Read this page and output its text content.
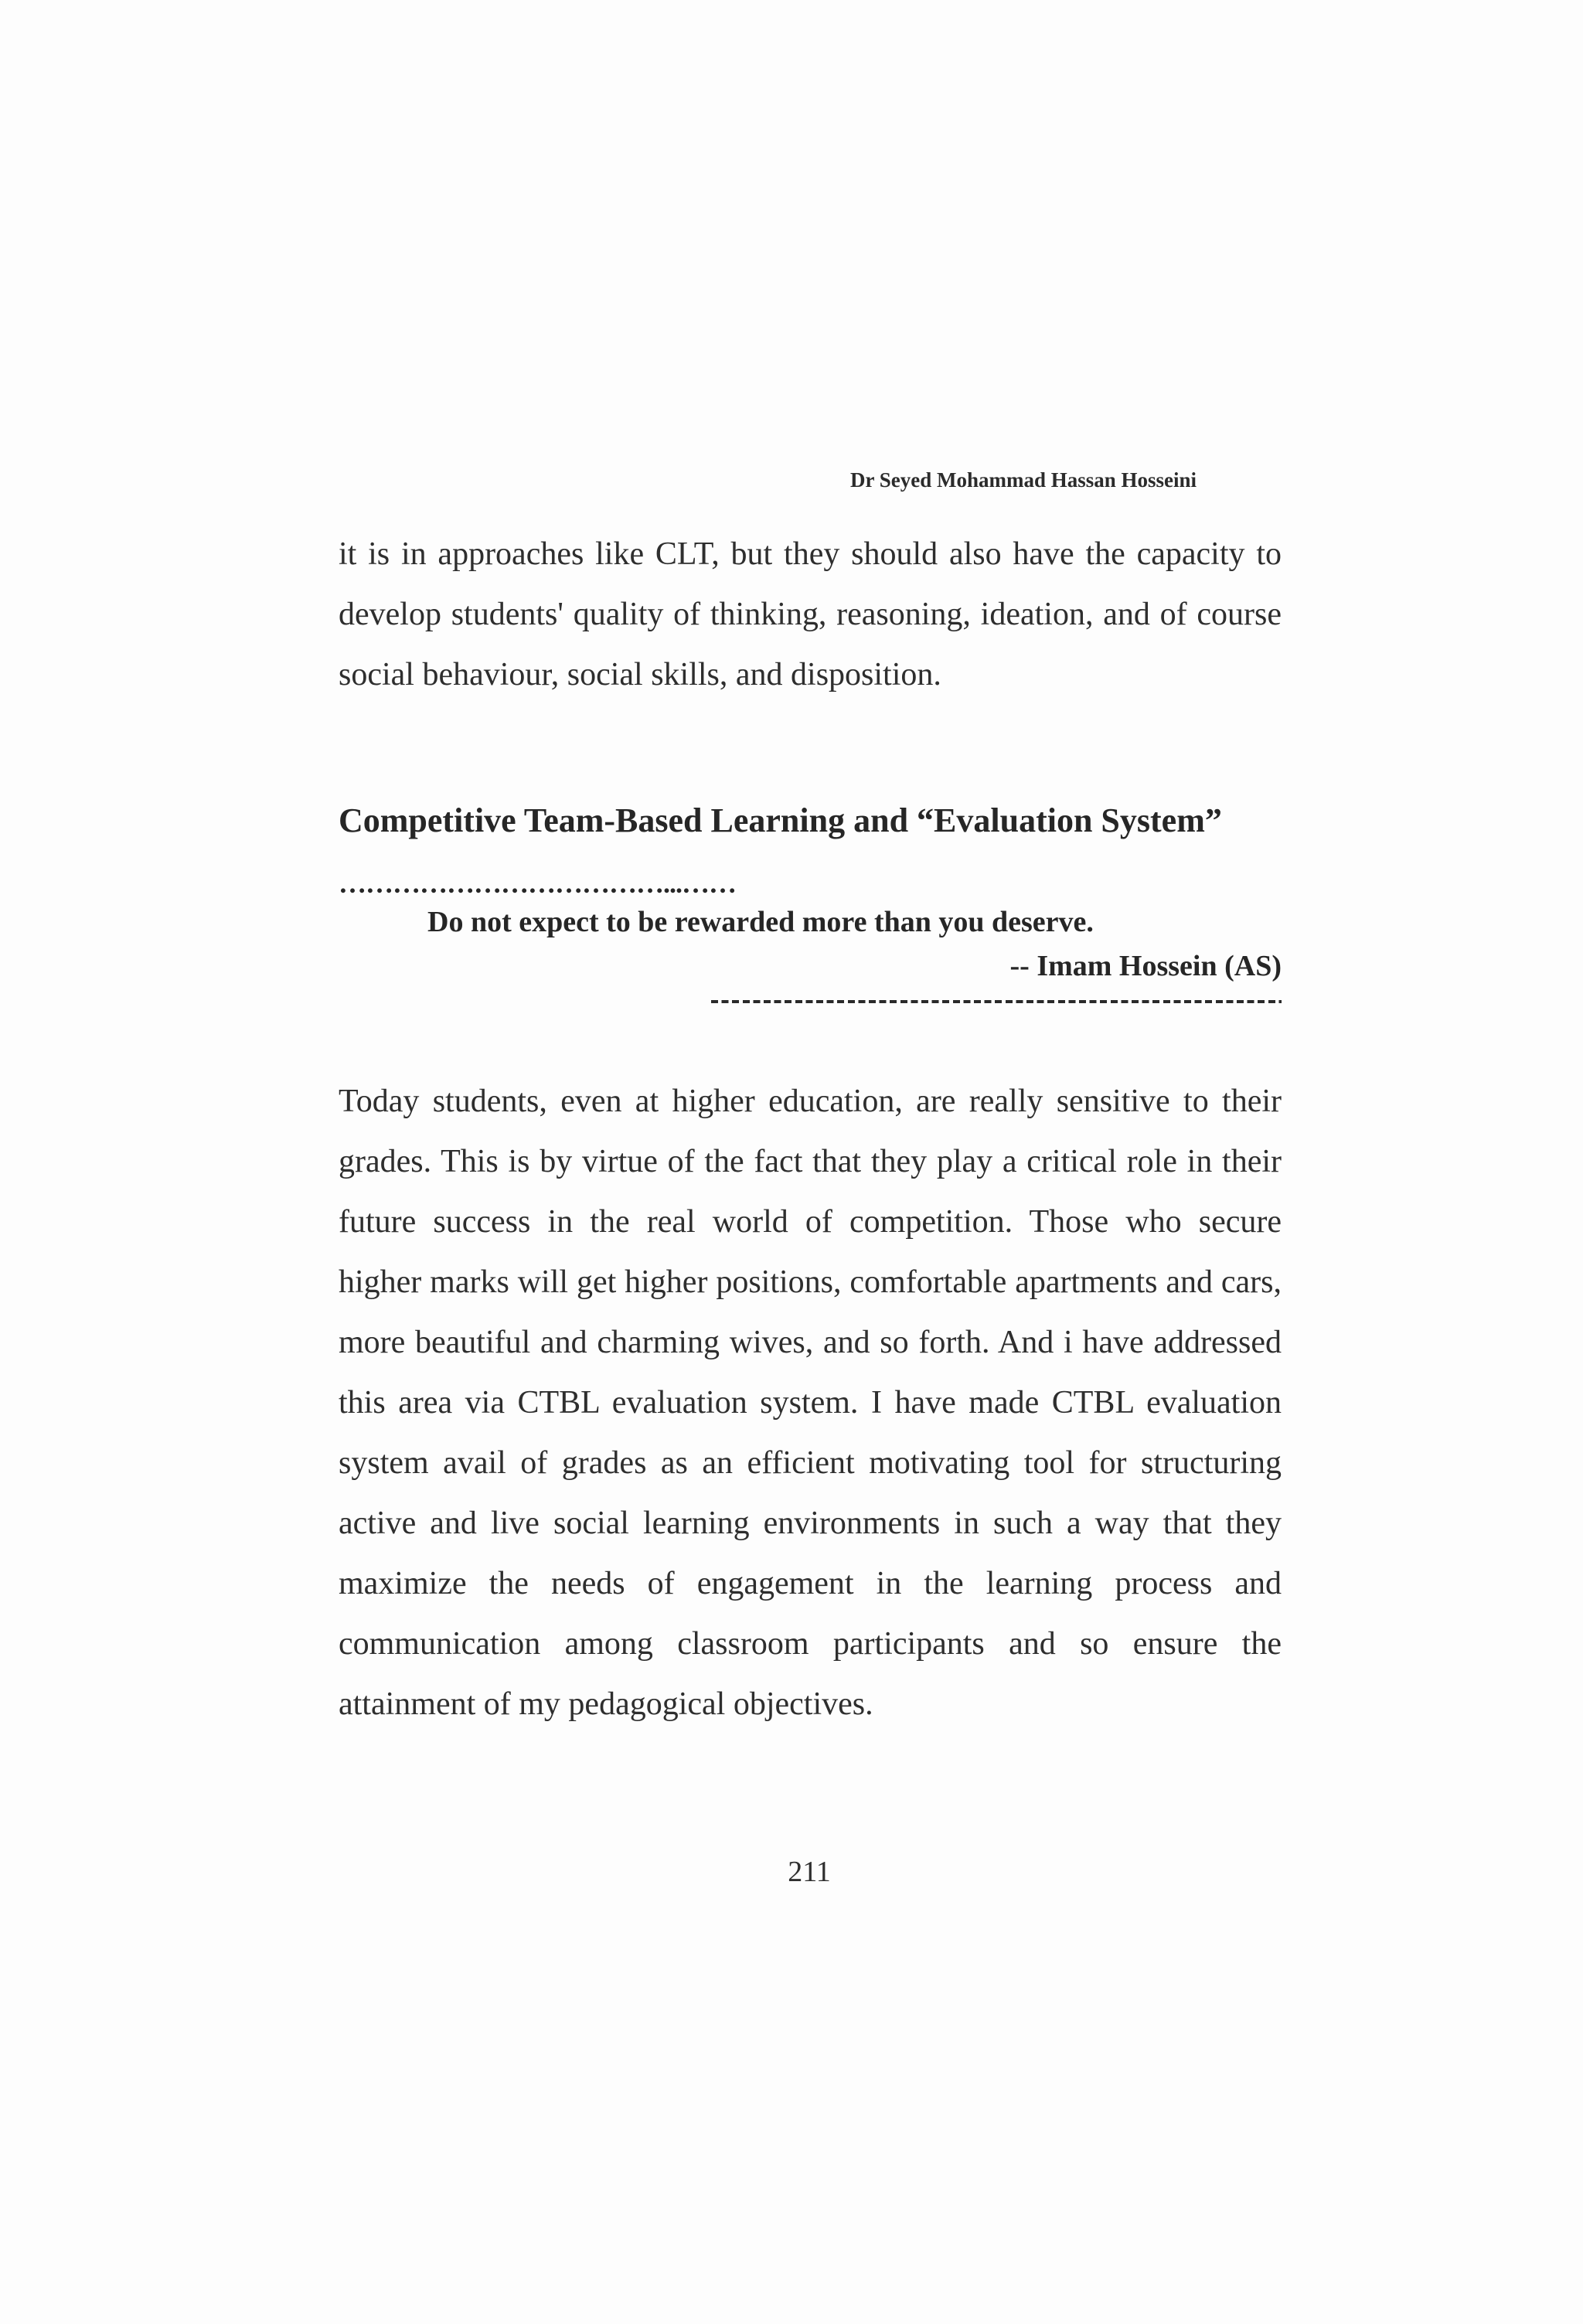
Dr Seyed Mohammad Hassan Hosseini

it is in approaches like CLT, but they should also have the capacity to develop students' quality of thinking, reasoning, ideation, and of course social behaviour, social skills, and disposition.

Competitive Team-Based Learning and “Evaluation System”
………………………………...……
Do not expect to be rewarded more than you deserve.
-- Imam Hossein (AS)

Today students, even at higher education, are really sensitive to their grades. This is by virtue of the fact that they play a critical role in their future success in the real world of competition. Those who secure higher marks will get higher positions, comfortable apartments and cars, more beautiful and charming wives, and so forth. And i have addressed this area via CTBL evaluation system. I have made CTBL evaluation system avail of grades as an efficient motivating tool for structuring active and live social learning environments in such a way that they maximize the needs of engagement in the learning process and communication among classroom participants and so ensure the attainment of my pedagogical objectives.

211
